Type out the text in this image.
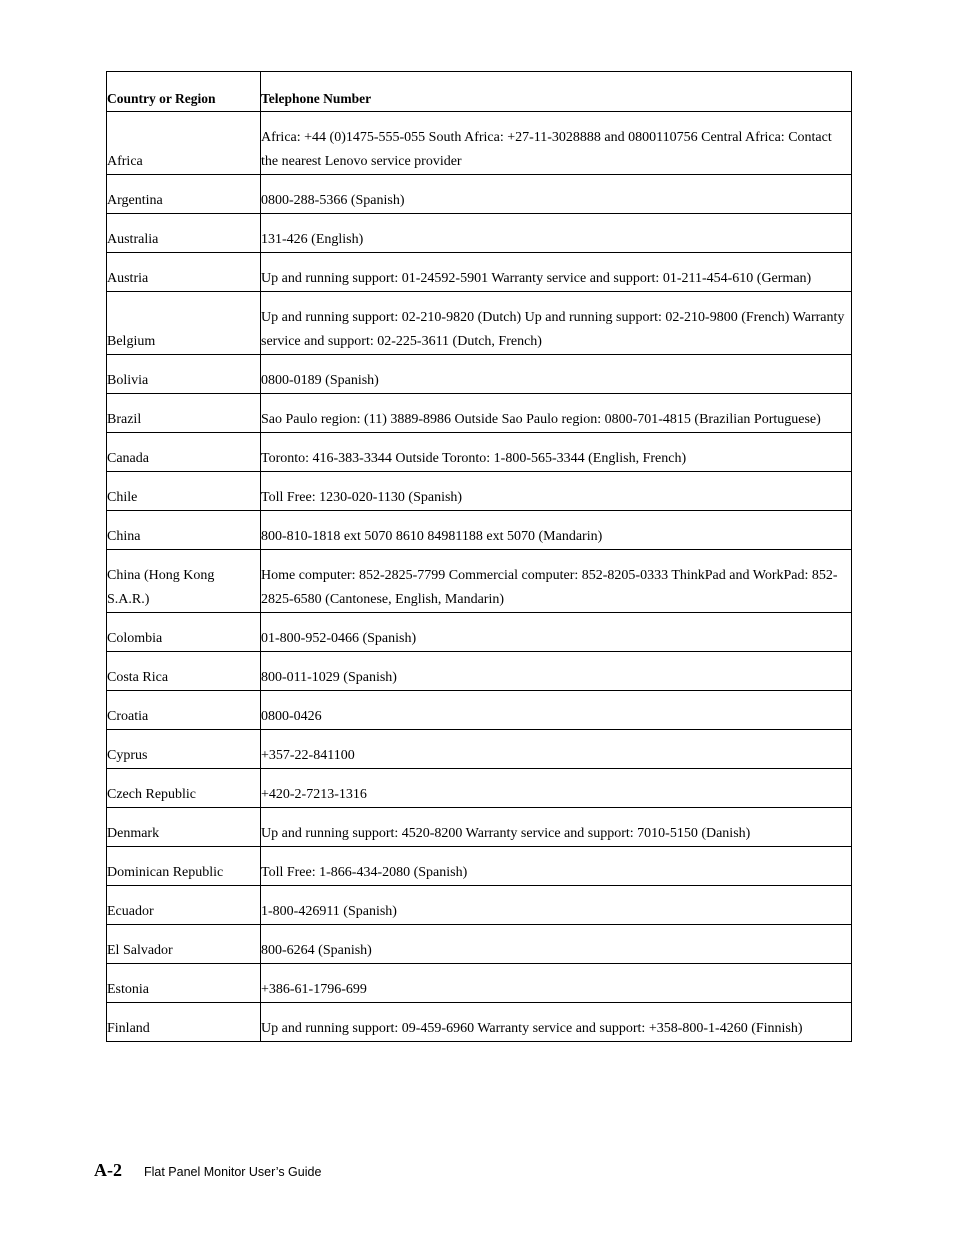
Country or Region	Telephone Number
Africa	Africa: +44 (0)1475-555-055 South Africa: +27-11-3028888 and 0800110756 Central Africa: Contact the nearest Lenovo service provider
Argentina	0800-288-5366 (Spanish)
Australia	131-426 (English)
Austria	Up and running support: 01-24592-5901 Warranty service and support: 01-211-454-610 (German)
Belgium	Up and running support: 02-210-9820 (Dutch) Up and running support: 02-210-9800 (French) Warranty service and support: 02-225-3611 (Dutch, French)
Bolivia	0800-0189 (Spanish)
Brazil	Sao Paulo region: (11) 3889-8986 Outside Sao Paulo region: 0800-701-4815 (Brazilian Portuguese)
Canada	Toronto: 416-383-3344 Outside Toronto: 1-800-565-3344 (English, French)
Chile	Toll Free: 1230-020-1130 (Spanish)
China	800-810-1818 ext 5070 8610 84981188 ext 5070 (Mandarin)
China (Hong Kong S.A.R.)	Home computer: 852-2825-7799 Commercial computer: 852-8205-0333 ThinkPad and WorkPad: 852-2825-6580 (Cantonese, English, Mandarin)
Colombia	01-800-952-0466 (Spanish)
Costa Rica	800-011-1029 (Spanish)
Croatia	0800-0426
Cyprus	+357-22-841100
Czech Republic	+420-2-7213-1316
Denmark	Up and running support: 4520-8200 Warranty service and support: 7010-5150 (Danish)
Dominican Republic	Toll Free: 1-866-434-2080 (Spanish)
Ecuador	1-800-426911 (Spanish)
El Salvador	800-6264 (Spanish)
Estonia	+386-61-1796-699
Finland	Up and running support: 09-459-6960 Warranty service and support: +358-800-1-4260 (Finnish)
A-2 Flat Panel Monitor User’s Guide
